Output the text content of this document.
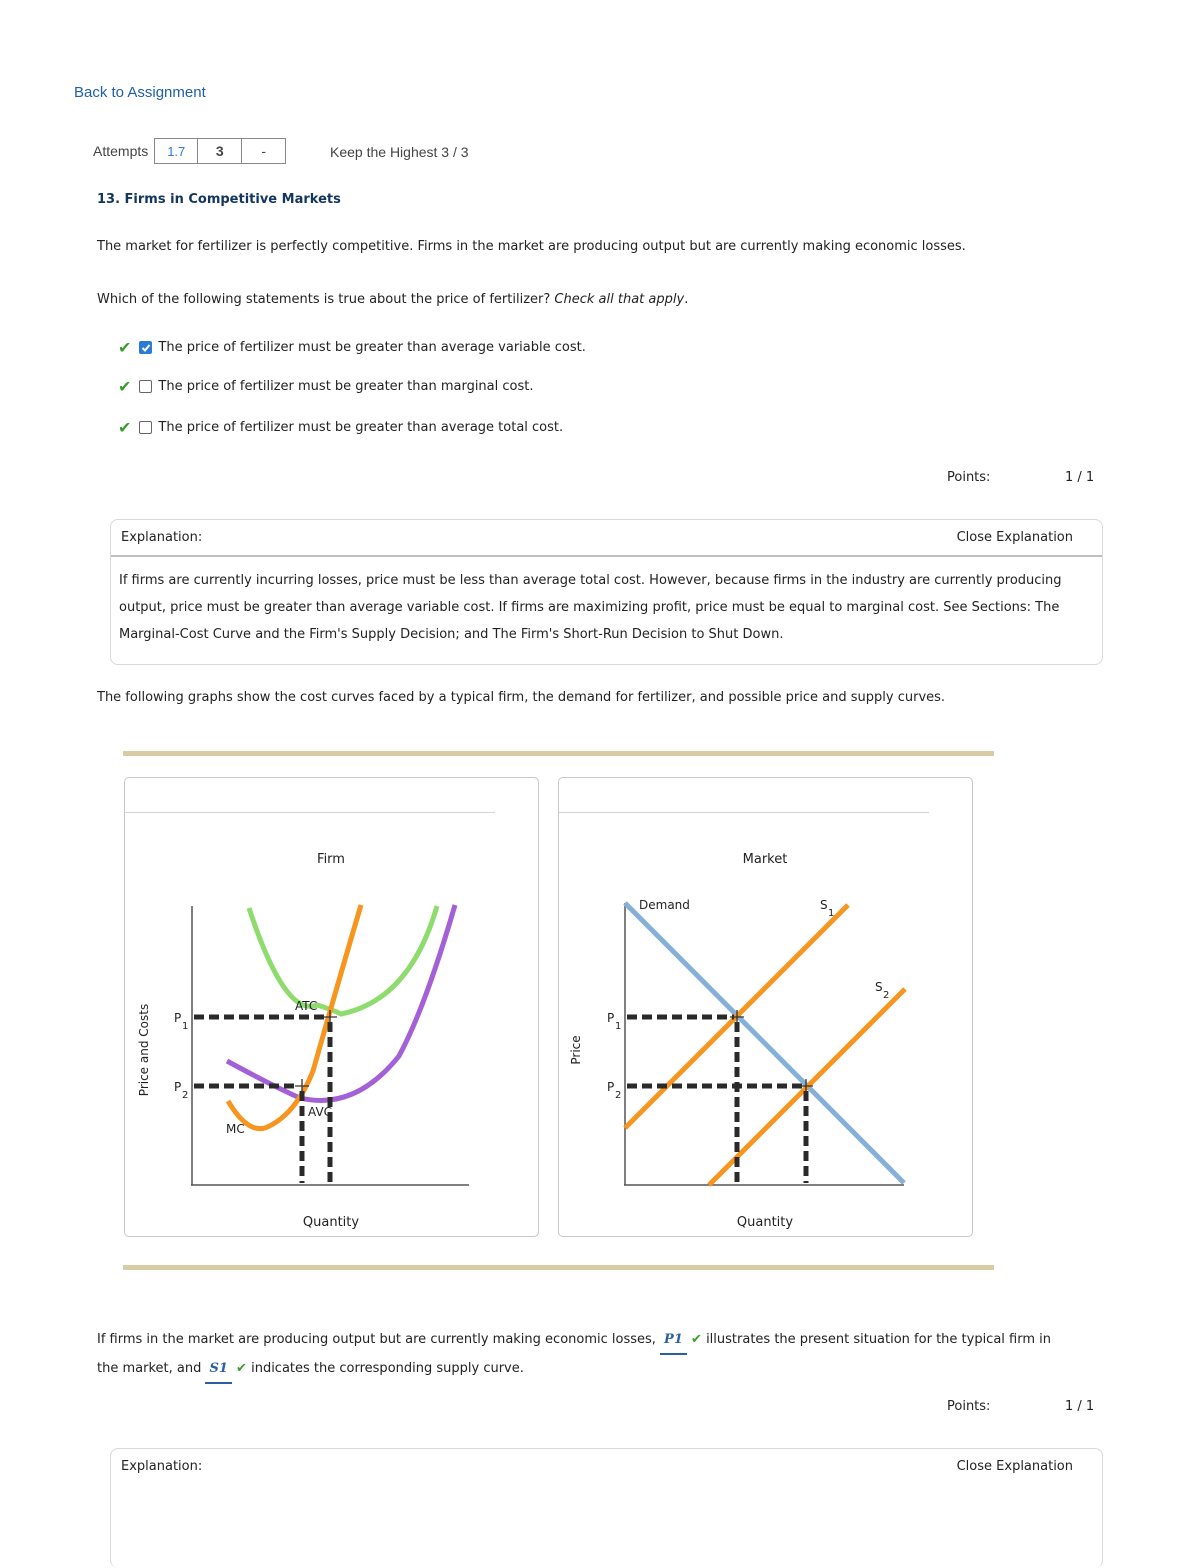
Back to Assignment
Attempts	1.7	3	-	Keep the Highest 3 / 3
13. Firms in Competitive Markets
The market for fertilizer is perfectly competitive. Firms in the market are producing output but are currently making economic losses.
Which of the following statements is true about the price of fertilizer? Check all that apply.
✔ The price of fertilizer must be greater than average variable cost.
✔ The price of fertilizer must be greater than marginal cost.
✔ The price of fertilizer must be greater than average total cost.
Points:	1 / 1
Explanation:	Close Explanation
If firms are currently incurring losses, price must be less than average total cost. However, because firms in the industry are currently producing output, price must be greater than average variable cost. If firms are maximizing profit, price must be equal to marginal cost. See Sections: The Marginal-Cost Curve and the Firm's Supply Decision; and The Firm's Short-Run Decision to Shut Down.
The following graphs show the cost curves faced by a typical firm, the demand for fertilizer, and possible price and supply curves.
Firm
Quantity
Price and Costs P
1
P
2
ATC
AVC
MC
Market
Quantity
Price
P
1
P
2
Demand	S
1
S
2
If firms in the market are producing output but are currently making economic losses, P1 ✔ illustrates the present situation for the typical firm in
the market, and S1 ✔ indicates the corresponding supply curve.
Points:	1 / 1
Explanation:	Close Explanation
